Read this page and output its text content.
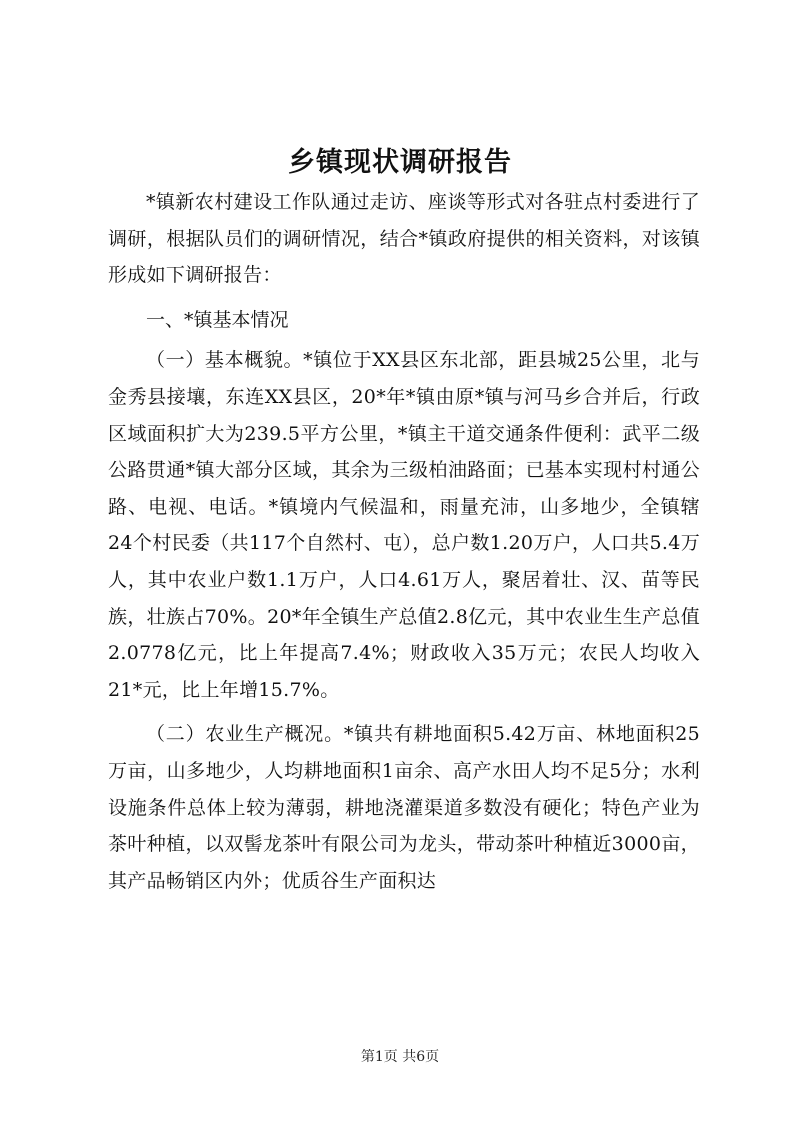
乡镇现状调研报告

*镇新农村建设工作队通过走访、座谈等形式对各驻点村委进行了调研，根据队员们的调研情况，结合*镇政府提供的相关资料，对该镇形成如下调研报告：

一、*镇基本情况

（一）基本概貌。*镇位于XX县区东北部，距县城25公里，北与金秀县接壤，东连XX县区，20*年*镇由原*镇与河马乡合并后，行政区域面积扩大为239.5平方公里，*镇主干道交通条件便利：武平二级公路贯通*镇大部分区域，其余为三级柏油路面；已基本实现村村通公路、电视、电话。*镇境内气候温和，雨量充沛，山多地少，全镇辖24个村民委（共117个自然村、屯），总户数1.20万户，人口共5.4万人，其中农业户数1.1万户，人口4.61万人，聚居着壮、汉、苗等民族，壮族占70%。20*年全镇生产总值2.8亿元，其中农业生生产总值2.0778亿元，比上年提高7.4%；财政收入35万元；农民人均收入21*元，比上年增15.7%。

（二）农业生产概况。*镇共有耕地面积5.42万亩、林地面积25万亩，山多地少，人均耕地面积1亩余、高产水田人均不足5分；水利设施条件总体上较为薄弱，耕地浇灌渠道多数没有硬化；特色产业为茶叶种植，以双髻龙茶叶有限公司为龙头，带动茶叶种植近3000亩，其产品畅销区内外；优质谷生产面积达

第1页 共6页
